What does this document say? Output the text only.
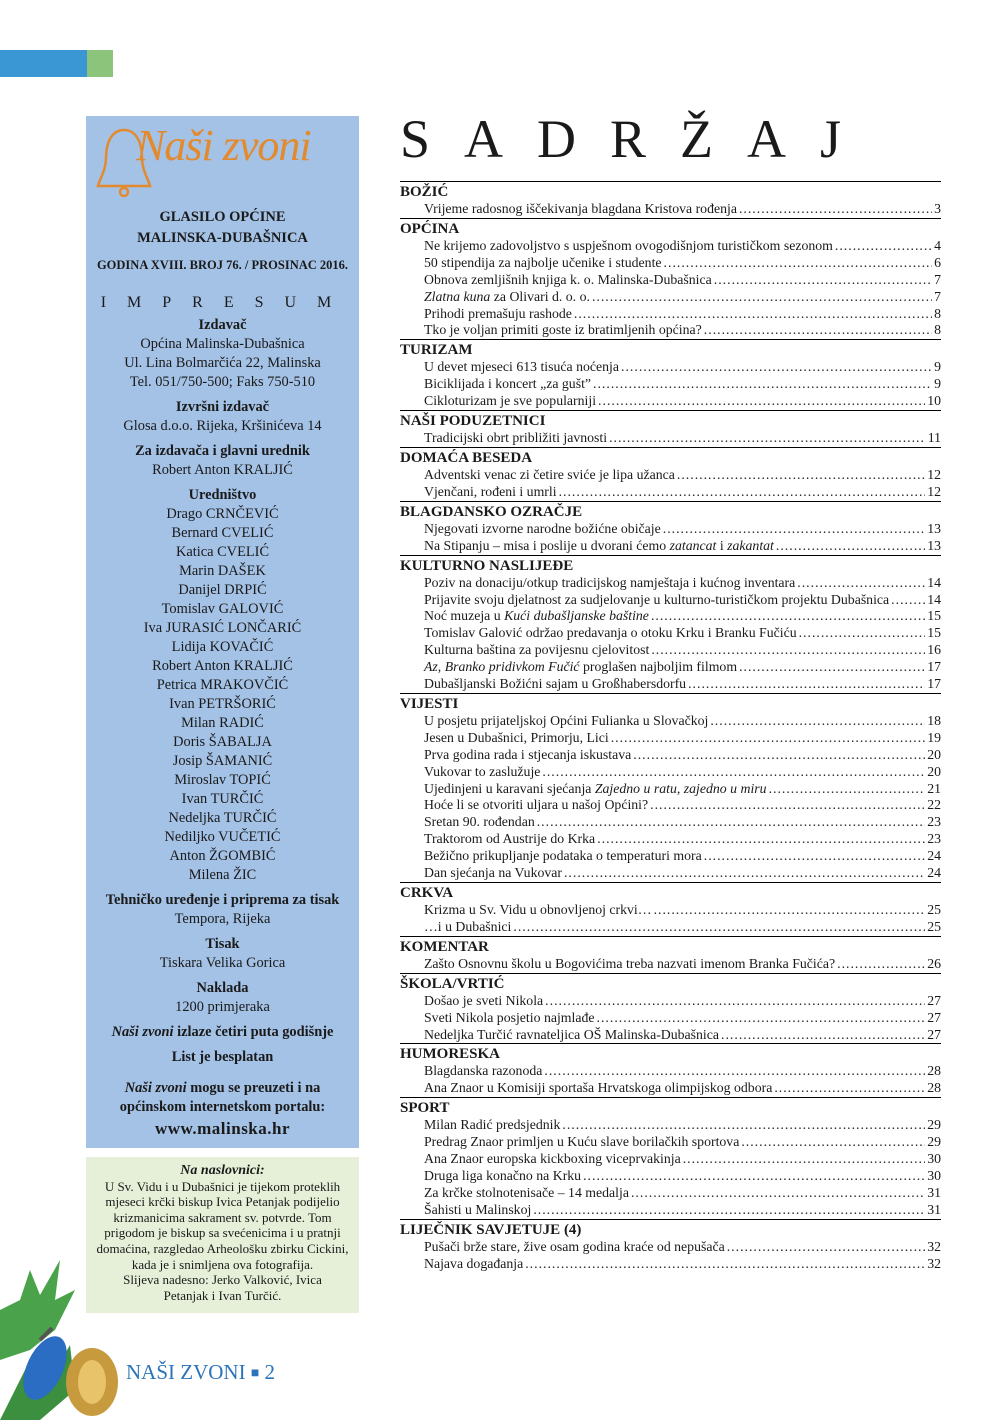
Naši zvoni
GLASILO OPĆINE
MALINSKA-DUBAŠNICA
GODINA XVIII. BROJ 76. / PROSINAC 2016.
IMPRESUM
Izdavač
Općina Malinska-Dubašnica
Ul. Lina Bolmarčića 22, Malinska
Tel. 051/750-500; Faks 750-510
Izvršni izdavač
Glosa d.o.o. Rijeka, Kršinićeva 14
Za izdavača i glavni urednik
Robert Anton KRALJIĆ
Uredništvo
Drago CRNČEVIĆ
Bernard CVELIĆ
Katica CVELIĆ
Marin DAŠEK
Danijel DRPIĆ
Tomislav GALOVIĆ
Iva JURASIĆ LONČARIĆ
Lidija KOVAČIĆ
Robert Anton KRALJIĆ
Petrica MRAKOVČIĆ
Ivan PETRŠORIĆ
Milan RADIĆ
Doris ŠABALJA
Josip ŠAMANIĆ
Miroslav TOPIĆ
Ivan TURČIĆ
Nedeljka TURČIĆ
Nediljko VUČETIĆ
Anton ŽGOMBIĆ
Milena ŽIC
Tehničko uređenje i priprema za tisak
Tempora, Rijeka
Tisak
Tiskara Velika Gorica
Naklada
1200 primjeraka
Naši zvoni izlaze četiri puta godišnje
List je besplatan
Naši zvoni mogu se preuzeti i na
općinskom internetskom portalu:
www.malinska.hr
Na naslovnici:
U Sv. Vidu i u Dubašnici je tijekom proteklih mjeseci krčki biskup Ivica Petanjak podijelio krizmanicima sakrament sv. potvrde. Tom prigodom je biskup sa svećenicima i u pratnji domaćina, razgledao Arheološku zbirku Cickini, kada je i snimljena ova fotografija.
Slijeva nadesno: Jerko Valković, Ivica Petanjak i Ivan Turčić.
NAŠI ZVONI ■ 2
SADRŽAJ
BOŽIĆ
Vrijeme radosnog iščekivanja blagdana Kristova rođenja .....	3
OPĆINA
Ne krijemo zadovoljstvo s uspješnom ovogodišnjom turističkom sezonom .....	4
50 stipendija za najbolje učenike i studente .....	6
Obnova zemljišnih knjiga k. o. Malinska-Dubašnica .....	7
Zlatna kuna za Olivari d. o. o. .....	7
Prihodi premašuju rashode .....	8
Tko je voljan primiti goste iz bratimljenih općina? .....	8
TURIZAM
U devet mjeseci 613 tisuća noćenja .....	9
Biciklijada i koncert „za gušt” .....	9
Cikloturizam je sve popularniji .....	10
NAŠI PODUZETNICI
Tradicijski obrt približiti javnosti .....	11
DOMAĆA BESEDA
Adventski venac zi četire sviće je lipa užanca .....	12
Vjenčani, rođeni i umrli .....	12
BLAGDANSKO OZRAČJE
Njegovati izvorne narodne božićne običaje .....	13
Na Stipanju – misa i poslije u dvorani ćemo zatancat i zakantat .....	13
KULTURNO NASLIJEĐE
Poziv na donaciju/otkup tradicijskog namještaja i kućnog inventara .....	14
Prijavite svoju djelatnost za sudjelovanje u kulturno-turističkom projektu Dubašnica .....	14
Noć muzeja u Kući dubašljanske baštine .....	15
Tomislav Galović održao predavanja o otoku Krku i Branku Fučiću .....	15
Kulturna baština za povijesnu cjelovitost .....	16
Az, Branko pridivkom Fučić proglašen najboljim filmom .....	17
Dubašljanski Božićni sajam u Großhabersdorfu .....	17
VIJESTI
U posjetu prijateljskoj Općini Fulianka u Slovačkoj .....	18
Jesen u Dubašnici, Primorju, Lici .....	19
Prva godina rada i stjecanja iskustava .....	20
Vukovar to zaslužuje .....	20
Ujedinjeni u karavani sjećanja Zajedno u ratu, zajedno u miru .....	21
Hoće li se otvoriti uljara u našoj Općini? .....	22
Sretan 90. rođendan .....	23
Traktorom od Austrije do Krka .....	23
Bežično prikupljanje podataka o temperaturi mora .....	24
Dan sjećanja na Vukovar .....	24
CRKVA
Krizma u Sv. Vidu u obnovljenoj crkvi… .....	25
…i u Dubašnici .....	25
KOMENTAR
Zašto Osnovnu školu u Bogovićima treba nazvati imenom Branka Fučića? .....	26
ŠKOLA/VRTIĆ
Došao je sveti Nikola .....	27
Sveti Nikola posjetio najmlađe .....	27
Nedeljka Turčić ravnateljica OŠ Malinska-Dubašnica .....	27
HUMORESKA
Blagdanska razonoda .....	28
Ana Znaor u Komisiji sportaša Hrvatskoga olimpijskog odbora .....	28
SPORT
Milan Radić predsjednik .....	29
Predrag Znaor primljen u Kuću slave borilačkih sportova .....	29
Ana Znaor europska kickboxing viceprvakinja .....	30
Druga liga konačno na Krku .....	30
Za krčke stolnotenisače – 14 medalja .....	31
Šahisti u Malinskoj .....	31
LIJEČNIK SAVJETUJE (4)
Pušači brže stare, žive osam godina kraće od nepušača .....	32
Najava događanja .....	32
